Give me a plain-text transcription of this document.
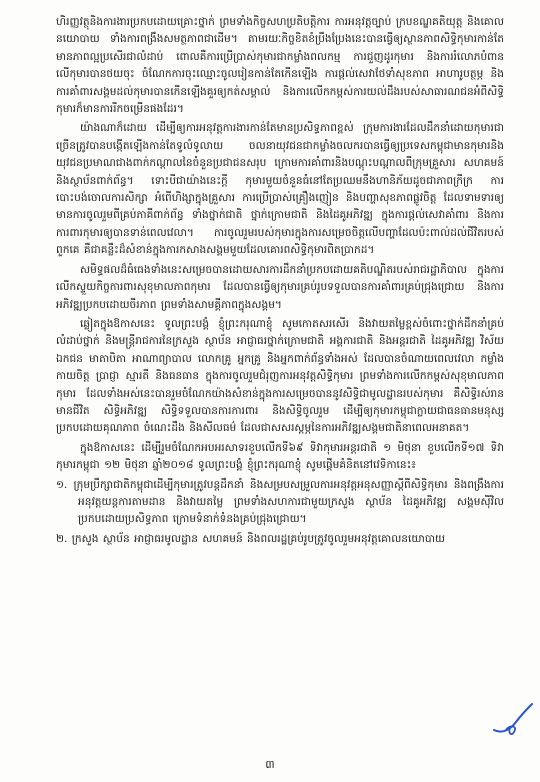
ហិរញ្ញវត្ថុនិងការងារប្រកបដោយគ្រោះថ្នាក់ ព្រមទាំងកិច្ចសហប្រតិបត្តិការ ការអនុវត្តច្បាប់ ក្របខណ្ឌគតិយុត្ត និងគោលនយោបាយ ទាំងការពង្រឹងសមត្ថភាពជាដើម។ តាមរយៈកិច្ចខិតខំប្រឹងប្រែងនេះបានធ្វើឲ្យស្ថានភាពសិទ្ធិកុមារកាន់តែមានភាពល្អប្រសើរជាលំដាប់ ពោលគឺការប្រើប្រាស់កុមារជាកម្លាំងពលកម្ម ការជួញដូរកុមារ និងការរំលោភបំពានលើកុមារបានថយចុះ ចំណែកការចុះឈ្មោះចូលរៀនកាន់តែកើនឡើង ការផ្តល់សេវាថែទាំសុខភាព អាហារូបត្ថម្ភ និងការគាំពារសង្គមដល់កុមារបានកើនឡើងគួរឲ្យកត់សម្គាល់ និងការលើកកម្ពស់ការយល់ដឹងរបស់សាធារណជនអំពីសិទ្ធិកុមារក៏មានការរីកចម្រើនផងដែរ។

យ៉ាងណាក៏ដោយ ដើម្បីឲ្យការអនុវត្តការងារកាន់តែមានប្រសិទ្ធភាពខ្ពស់ ក្រុមការងារដែលដឹកនាំដោយកុមារជាច្រើនត្រូវបានបង្កើតឡើងកាន់តែទូលំទូលាយ ចលនាយុវជនជាកម្លាំងចលករបានធ្វើឲ្យប្រទេសកម្ពុជាមានកុមារនិងយុវជនប្រមាណជាងពាក់កណ្តាលនៃចំនួនប្រជាជនសរុប ក្រោមការគាំពារនិងបណ្តុះបណ្តាលពីក្រុមគ្រួសារ សហគមន៍ និងស្ថាប័នពាក់ព័ន្ធ។ ទោះបីជាយ៉ាងនេះក្តី កុមារមួយចំនួនធំនៅតែប្រឈមនឹងហានិភ័យដូចជាភាពក្រីក្រ ការបោះបង់ចោលការសិក្សា អំពើហិង្សាក្នុងគ្រួសារ ការប្រើប្រាស់គ្រឿងញៀន និងបញ្ហាសុខភាពផ្លូវចិត្ត ដែលទាមទារឲ្យមានការចូលរួមពីគ្រប់ភាគីពាក់ព័ន្ធ ទាំងថ្នាក់ជាតិ ថ្នាក់ក្រោមជាតិ និងដៃគូអភិវឌ្ឍ ក្នុងការផ្តល់សេវាគាំពារ និងការការពារកុមារឲ្យបានទាន់ពេលវេលា។ ការចូលរួមរបស់កុមារក្នុងការសម្រេចចិត្តលើបញ្ហាដែលប៉ះពាល់ដល់ជីវិតរបស់ពួកគេ គឺជាគន្លឹះដ៏សំខាន់ក្នុងការកសាងសង្គមមួយដែលគោរពសិទ្ធិកុមារពិតប្រាកដ។

សមិទ្ធផលដ៏ធំធេងទាំងនេះសម្រេចបានដោយសារការដឹកនាំប្រកបដោយគតិបណ្ឌិតរបស់រាជរដ្ឋាភិបាល ក្នុងការលើកស្ទួយកិច្ចការពារសុខុមាលភាពកុមារ ដែលបានធ្វើឲ្យកុមារគ្រប់រូបទទួលបានការគាំពារគ្រប់ជ្រុងជ្រោយ និងការអភិវឌ្ឍប្រកបដោយចីរភាព ព្រមទាំងសាមគ្គីភាពក្នុងសង្គម។

ឆ្លៀតក្នុងឱកាសនេះ ទូលព្រះបង្គំ ខ្ញុំព្រះករុណាខ្ញុំ សូមកោតសរសើរ និងវាយតម្លៃខ្ពស់ចំពោះថ្នាក់ដឹកនាំគ្រប់លំដាប់ថ្នាក់ និងមន្ត្រីរាជការនៃក្រសួង ស្ថាប័ន អាជ្ញាធរថ្នាក់ក្រោមជាតិ អង្គការជាតិ និងអន្តរជាតិ ដៃគូអភិវឌ្ឍ វិស័យឯកជន មាតាបិតា អាណាព្យាបាល លោកគ្រូ អ្នកគ្រូ និងអ្នកពាក់ព័ន្ធទាំងអស់ ដែលបានចំណាយពេលវេលា កម្លាំងកាយចិត្ត ប្រាជ្ញា ស្មារតី និងធនធាន ក្នុងការចូលរួមជំរុញការអនុវត្តសិទ្ធិកុមារ ព្រមទាំងការលើកកម្ពស់សុខុមាលភាពកុមារ ដែលទាំងអស់នេះបានរួមចំណែកយ៉ាងសំខាន់ក្នុងការសម្រេចបាននូវសិទ្ធិជាមូលដ្ឋានរបស់កុមារ គឺសិទ្ធិរស់រានមានជីវិត សិទ្ធិអភិវឌ្ឍ សិទ្ធិទទួលបានការការពារ និងសិទ្ធិចូលរួម ដើម្បីឲ្យកុមារកម្ពុជាក្លាយជាធនធានមនុស្សប្រកបដោយគុណភាព ចំណេះដឹង និងសីលធម៌ ដែលជាសសរស្តម្ភនៃការអភិវឌ្ឍសង្គមជាតិនាពេលអនាគត។

ក្នុងឱកាសនេះ ដើម្បីរួមចំណែកអបអរសាទរខួបលើកទី៦៩ ទិវាកុមារអន្តរជាតិ ១ មិថុនា ខួបលើកទី១៧ ទិវាកុមារកម្ពុជា ១២ មិថុនា ឆ្នាំ២០១៨ ទូលព្រះបង្គំ ខ្ញុំព្រះករុណាខ្ញុំ សូមផ្តើមគំនិតនៅវេទិកានេះ៖

១. ក្រុមប្រឹក្សាជាតិកម្ពុជាដើម្បីកុមារត្រូវបន្តដឹកនាំ និងសម្របសម្រួលការអនុវត្តអនុសញ្ញាស្តីពីសិទ្ធិកុមារ និងពង្រឹងការអនុវត្តយន្តការតាមដាន និងវាយតម្លៃ ព្រមទាំងសហការជាមួយក្រសួង ស្ថាប័ន ដៃគូអភិវឌ្ឍ សង្គមស៊ីវិលប្រកបដោយប្រសិទ្ធភាព ក្រោមទំនាក់ទំនងគ្រប់ជ្រុងជ្រោយ។

២. ក្រសួង ស្ថាប័ន អាជ្ញាធរមូលដ្ឋាន សហគមន៍ និងពលរដ្ឋគ្រប់រូបត្រូវចូលរួមអនុវត្តគោលនយោបាយ

៣
